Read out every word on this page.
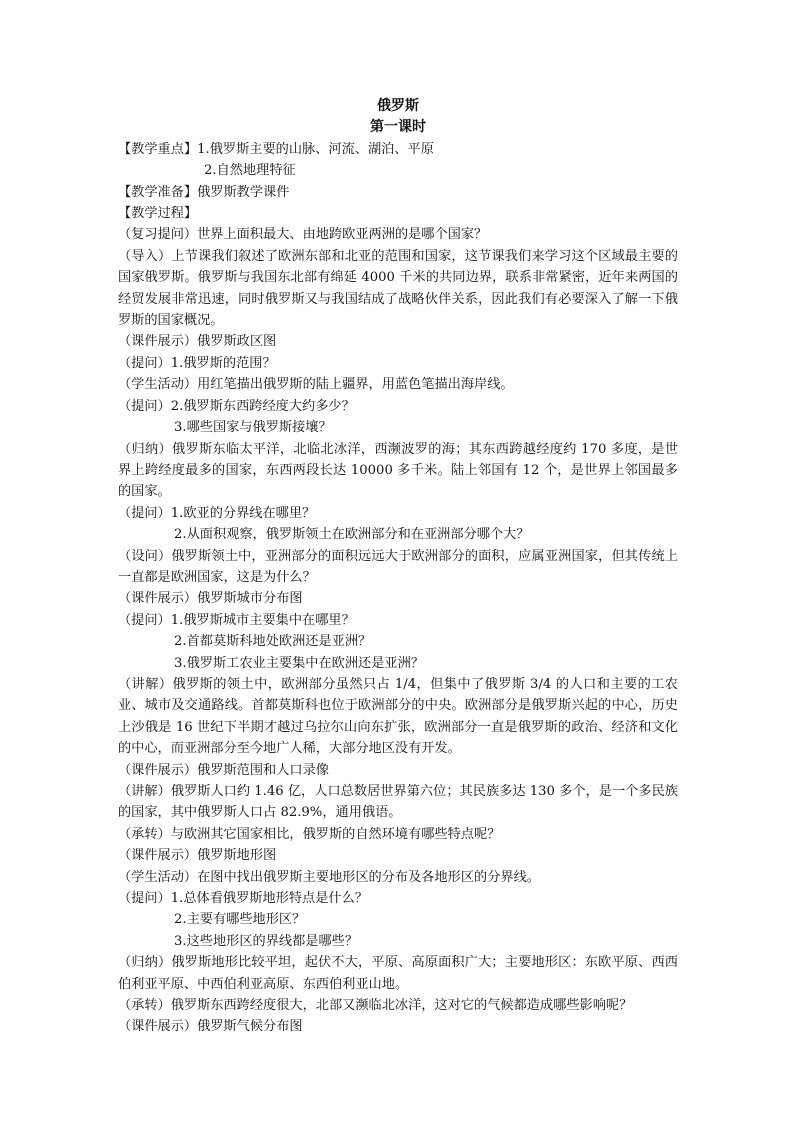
俄罗斯

第一课时

【教学重点】1.俄罗斯主要的山脉、河流、湖泊、平原

2.自然地理特征

【教学准备】俄罗斯教学课件

【教学过程】

（复习提问）世界上面积最大、由地跨欧亚两洲的是哪个国家？

（导入）上节课我们叙述了欧洲东部和北亚的范围和国家，这节课我们来学习这个区域最主要的国家俄罗斯。俄罗斯与我国东北部有绵延 4000 千米的共同边界，联系非常紧密，近年来两国的经贸发展非常迅速，同时俄罗斯又与我国结成了战略伙伴关系，因此我们有必要深入了解一下俄罗斯的国家概况。

（课件展示）俄罗斯政区图

（提问）1.俄罗斯的范围？

（学生活动）用红笔描出俄罗斯的陆上疆界，用蓝色笔描出海岸线。

（提问）2.俄罗斯东西跨经度大约多少？

3.哪些国家与俄罗斯接壤？

（归纳）俄罗斯东临太平洋，北临北冰洋，西濒波罗的海；其东西跨越经度约 170 多度，是世界上跨经度最多的国家，东西两段长达 10000 多千米。陆上邻国有 12 个，是世界上邻国最多的国家。

（提问）1.欧亚的分界线在哪里？

2.从面积观察，俄罗斯领土在欧洲部分和在亚洲部分哪个大？

（设问）俄罗斯领土中，亚洲部分的面积远远大于欧洲部分的面积，应属亚洲国家，但其传统上一直都是欧洲国家，这是为什么？

（课件展示）俄罗斯城市分布图

（提问）1.俄罗斯城市主要集中在哪里？

2.首都莫斯科地处欧洲还是亚洲？

3.俄罗斯工农业主要集中在欧洲还是亚洲？

（讲解）俄罗斯的领土中，欧洲部分虽然只占 1/4，但集中了俄罗斯 3/4 的人口和主要的工农业、城市及交通路线。首都莫斯科也位于欧洲部分的中央。欧洲部分是俄罗斯兴起的中心，历史上沙俄是 16 世纪下半期才越过乌拉尔山向东扩张，欧洲部分一直是俄罗斯的政治、经济和文化的中心，而亚洲部分至今地广人稀，大部分地区没有开发。

（课件展示）俄罗斯范围和人口录像

（讲解）俄罗斯人口约 1.46 亿，人口总数居世界第六位；其民族多达 130 多个，是一个多民族的国家，其中俄罗斯人口占 82.9%，通用俄语。

（承转）与欧洲其它国家相比，俄罗斯的自然环境有哪些特点呢？

（课件展示）俄罗斯地形图

（学生活动）在图中找出俄罗斯主要地形区的分布及各地形区的分界线。

（提问）1.总体看俄罗斯地形特点是什么？

2.主要有哪些地形区？

3.这些地形区的界线都是哪些？

（归纳）俄罗斯地形比较平坦，起伏不大，平原、高原面积广大；主要地形区：东欧平原、西西伯利亚平原、中西伯利亚高原、东西伯利亚山地。

（承转）俄罗斯东西跨经度很大，北部又濒临北冰洋，这对它的气候都造成哪些影响呢？

（课件展示）俄罗斯气候分布图
